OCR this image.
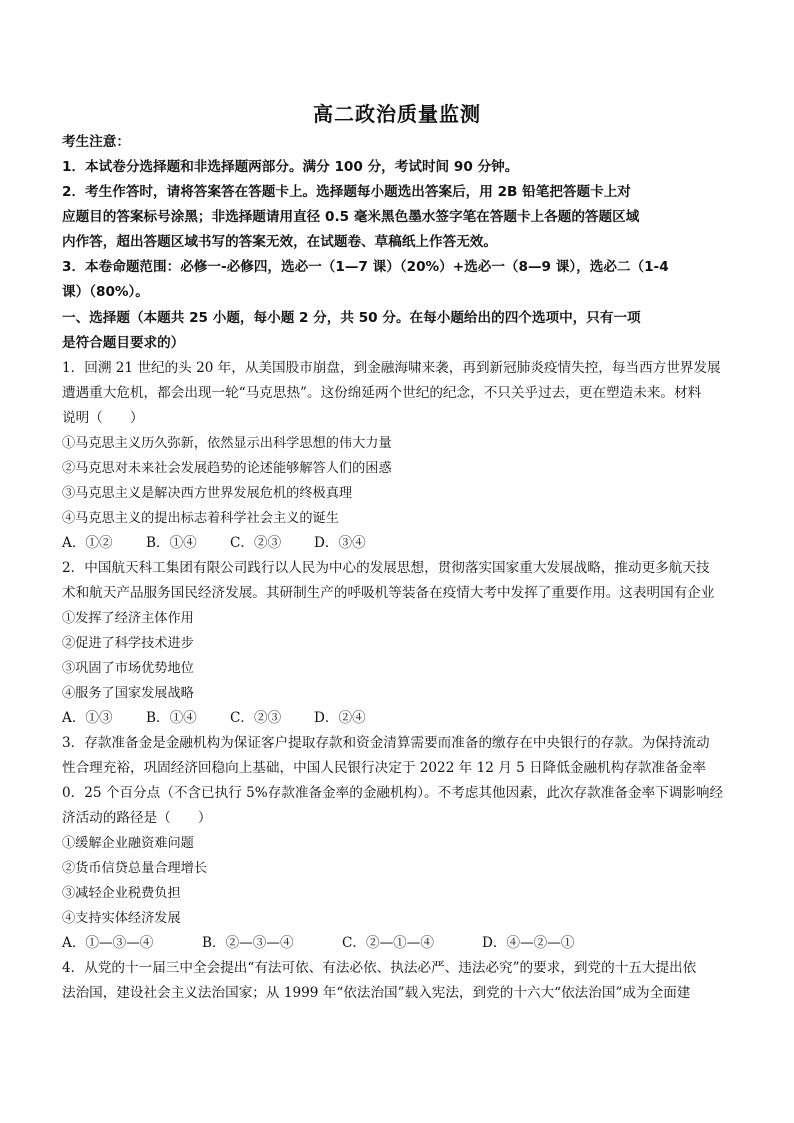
高二政治质量监测
考生注意：
1．本试卷分选择题和非选择题两部分。满分 100 分，考试时间 90 分钟。
2．考生作答时，请将答案答在答题卡上。选择题每小题选出答案后，用 2B 铅笔把答题卡上对
应题目的答案标号涂黑；非选择题请用直径 0.5 毫米黑色墨水签字笔在答题卡上各题的答题区域
内作答，超出答题区域书写的答案无效，在试题卷、草稿纸上作答无效。
3．本卷命题范围：必修一-必修四，选必一（1—7 课）（20%）+选必一（8—9 课），选必二（1-4
课）（80%）。
一、选择题（本题共 25 小题，每小题 2 分，共 50 分。在每小题给出的四个选项中，只有一项
是符合题目要求的）
1．回溯 21 世纪的头 20 年，从美国股市崩盘，到金融海啸来袭，再到新冠肺炎疫情失控，每当西方世界发展
遭遇重大危机，都会出现一轮“马克思热”。这份绵延两个世纪的纪念，不只关乎过去，更在塑造未来。材料
说明（　　）
①马克思主义历久弥新，依然显示出科学思想的伟大力量
②马克思对未来社会发展趋势的论述能够解答人们的困惑
③马克思主义是解决西方世界发展危机的终极真理
④马克思主义的提出标志着科学社会主义的诞生
A．①② B．①④ C．②③ D．③④
2．中国航天科工集团有限公司践行以人民为中心的发展思想，贯彻落实国家重大发展战略，推动更多航天技
术和航天产品服务国民经济发展。其研制生产的呼吸机等装备在疫情大考中发挥了重要作用。这表明国有企业
①发挥了经济主体作用
②促进了科学技术进步
③巩固了市场优势地位
④服务了国家发展战略
A．①③ B．①④ C．②③ D．②④
3．存款准备金是金融机构为保证客户提取存款和资金清算需要而准备的缴存在中央银行的存款。为保持流动
性合理充裕，巩固经济回稳向上基础，中国人民银行决定于 2022 年 12 月 5 日降低金融机构存款准备金率
0．25 个百分点（不含已执行 5%存款准备金率的金融机构）。不考虑其他因素，此次存款准备金率下调影响经
济活动的路径是（　　）
①缓解企业融资难问题
②货币信贷总量合理增长
③减轻企业税费负担
④支持实体经济发展
A．①—③—④	B．②—③—④	C．②—①—④	D．④—②—①
4．从党的十一届三中全会提出“有法可依、有法必依、执法必严、违法必究”的要求，到党的十五大提出依
法治国，建设社会主义法治国家；从 1999 年“依法治国”载入宪法，到党的十六大“依法治国”成为全面建
